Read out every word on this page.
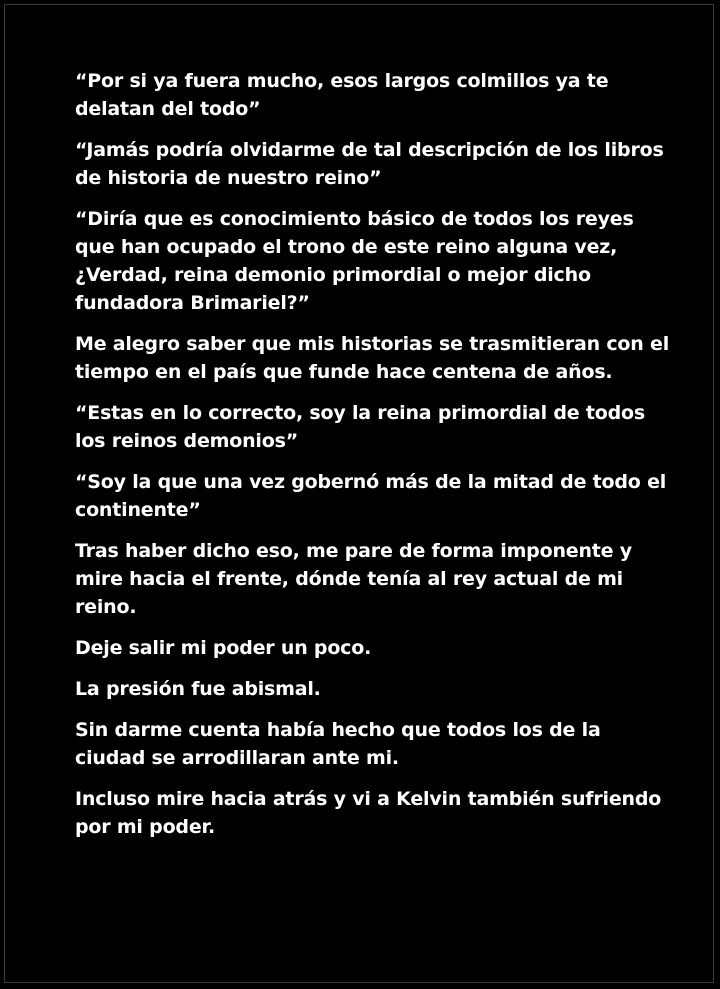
“Por si ya fuera mucho, esos largos colmillos ya te delatan del todo”

“Jamás podría olvidarme de tal descripción de los libros de historia de nuestro reino”

“Diría que es conocimiento básico de todos los reyes que han ocupado el trono de este reino alguna vez, ¿Verdad, reina demonio primordial o mejor dicho fundadora Brimariel?”

Me alegro saber que mis historias se trasmitieran con el tiempo en el país que funde hace centena de años.

“Estas en lo correcto, soy la reina primordial de todos los reinos demonios”

“Soy la que una vez gobernó más de la mitad de todo el continente”

Tras haber dicho eso, me pare de forma imponente y mire hacia el frente, dónde tenía al rey actual de mi reino.

Deje salir mi poder un poco.

La presión fue abismal.

Sin darme cuenta había hecho que todos los de la ciudad se arrodillaran ante mi.

Incluso mire hacia atrás y vi a Kelvin también sufriendo por mi poder.
